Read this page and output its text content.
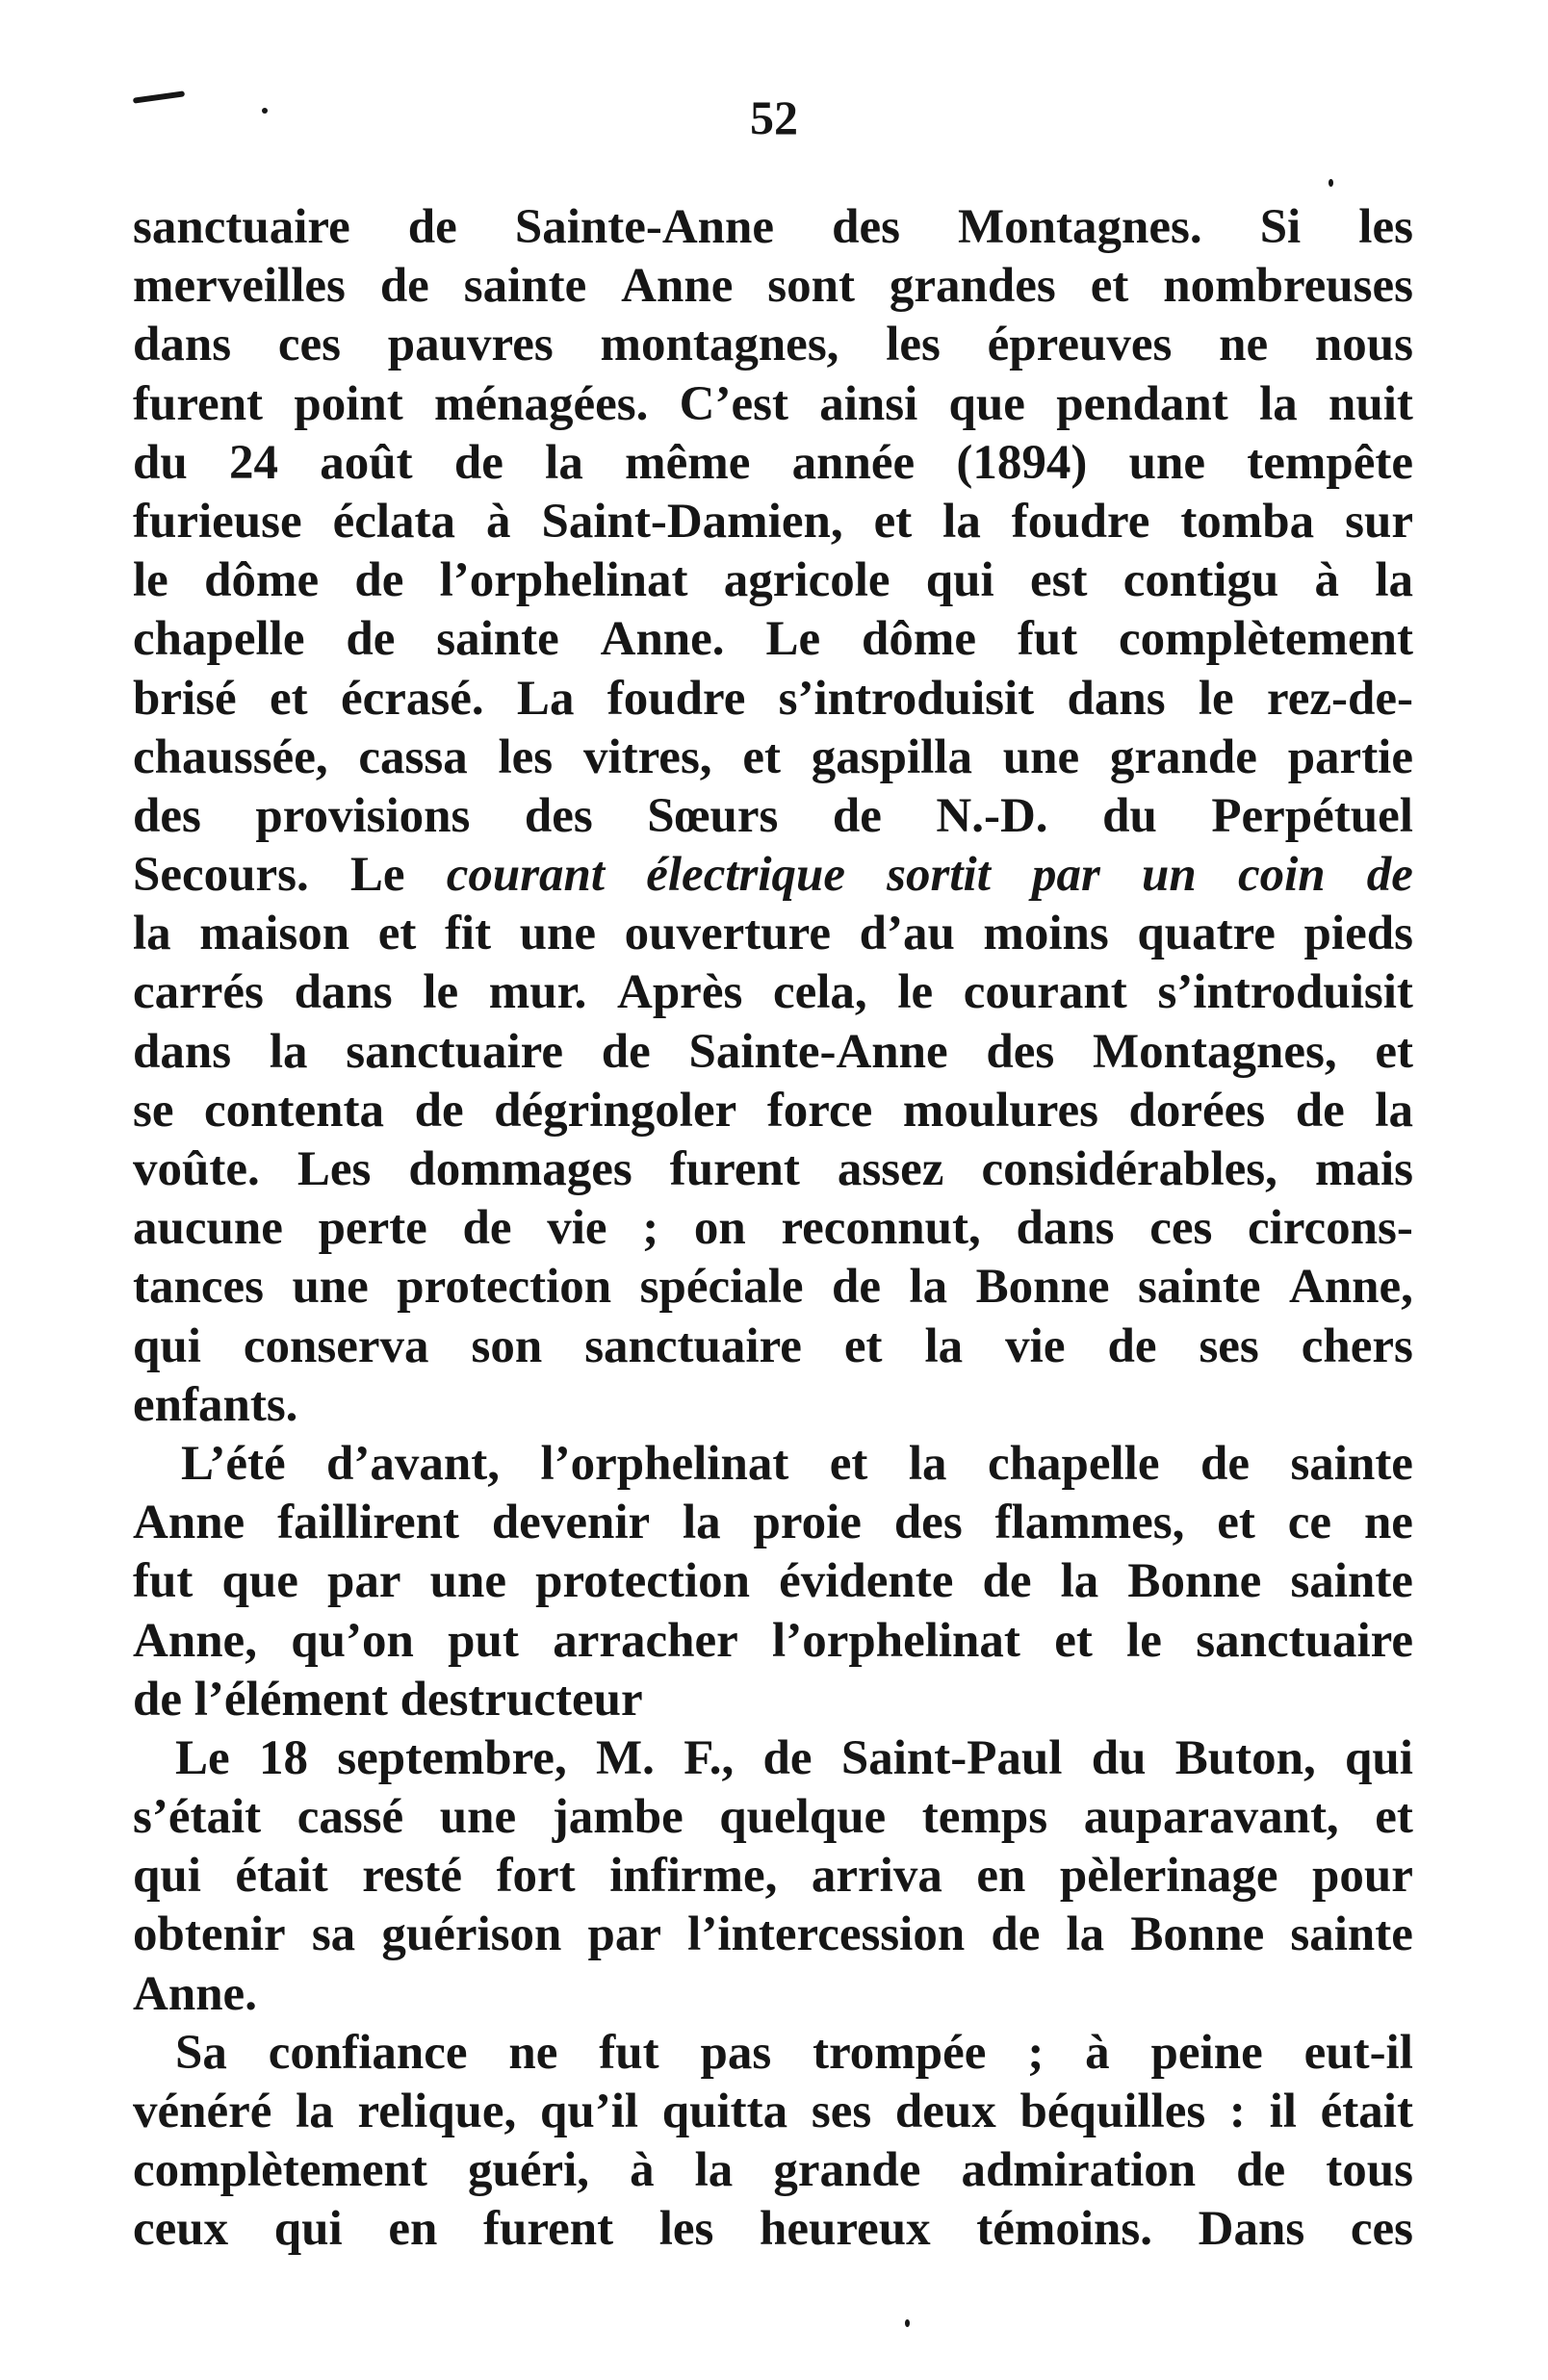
52
sanctuaire de Sainte-Anne des Montagnes. Si les
merveilles de sainte Anne sont grandes et nombreuses
dans ces pauvres montagnes, les épreuves ne nous
furent point ménagées. C’est ainsi que pendant la nuit
du 24 août de la même année (1894) une tempête
furieuse éclata à Saint-Damien, et la foudre tomba sur
le dôme de l’orphelinat agricole qui est contigu à la
chapelle de sainte Anne. Le dôme fut complètement
brisé et écrasé. La foudre s’introduisit dans le rez-de-
chaussée, cassa les vitres, et gaspilla une grande partie
des provisions des Sœurs de N.-D. du Perpétuel
Secours. Le courant électrique sortit par un coin de
la maison et fit une ouverture d’au moins quatre pieds
carrés dans le mur. Après cela, le courant s’introduisit
dans la sanctuaire de Sainte-Anne des Montagnes, et
se contenta de dégringoler force moulures dorées de la
voûte. Les dommages furent assez considérables, mais
aucune perte de vie ; on reconnut, dans ces circons-
tances une protection spéciale de la Bonne sainte Anne,
qui conserva son sanctuaire et la vie de ses chers
enfants.
L’été d’avant, l’orphelinat et la chapelle de sainte
Anne faillirent devenir la proie des flammes, et ce ne
fut que par une protection évidente de la Bonne sainte
Anne, qu’on put arracher l’orphelinat et le sanctuaire
de
l’élément
destructeur
Le 18 septembre, M. F., de Saint-Paul du Buton, qui
s’était cassé une jambe quelque temps auparavant, et
qui était resté fort infirme, arriva en pèlerinage pour
obtenir sa guérison par l’intercession de la Bonne sainte
Anne.
Sa confiance ne fut pas trompée ; à peine eut-il
vénéré la relique, qu’il quitta ses deux béquilles : il était
complètement guéri, à la grande admiration de tous
ceux qui en furent les heureux témoins. Dans ces
